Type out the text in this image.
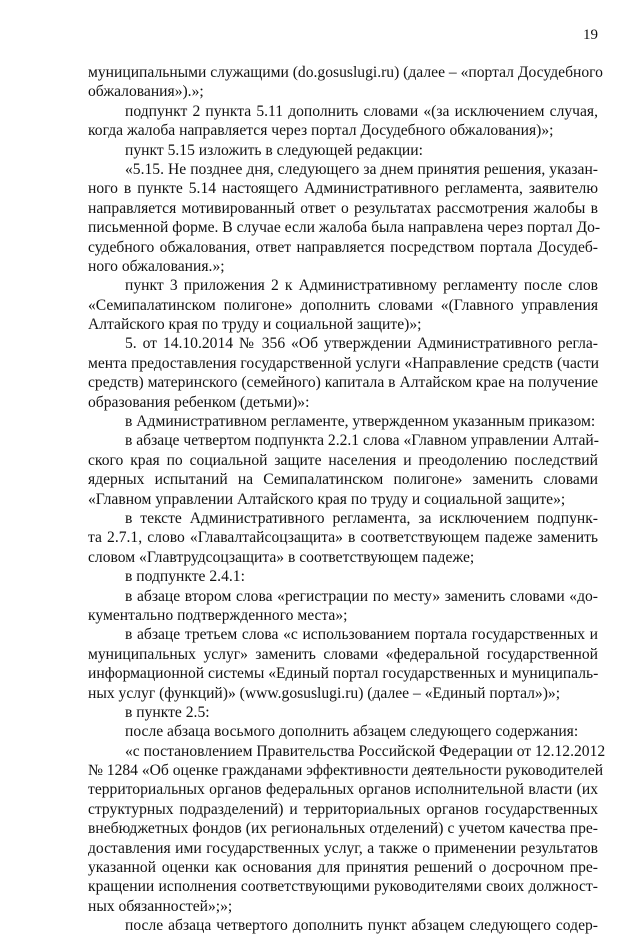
19
муниципальными служащими (do.gosuslugi.ru) (далее – «портал Досудебного
обжалования»).»;
подпункт 2 пункта 5.11 дополнить словами «(за исключением случая,
когда жалоба направляется через портал Досудебного обжалования)»;
пункт 5.15 изложить в следующей редакции:
«5.15. Не позднее дня, следующего за днем принятия решения, указан-
ного в пункте 5.14 настоящего Административного регламента, заявителю
направляется мотивированный ответ о результатах рассмотрения жалобы в
письменной форме. В случае если жалоба была направлена через портал До-
судебного обжалования, ответ направляется посредством портала Досудеб-
ного обжалования.»;
пункт 3 приложения 2 к Административному регламенту после слов
«Семипалатинском полигоне» дополнить словами «(Главного управления
Алтайского края по труду и социальной защите)»;
5. от 14.10.2014 № 356 «Об утверждении Административного регла-
мента предоставления государственной услуги «Направление средств (части
средств) материнского (семейного) капитала в Алтайском крае на получение
образования ребенком (детьми)»:
в Административном регламенте, утвержденном указанным приказом:
в абзаце четвертом подпункта 2.2.1 слова «Главном управлении Алтай-
ского края по социальной защите населения и преодолению последствий
ядерных испытаний на Семипалатинском полигоне» заменить словами
«Главном управлении Алтайского края по труду и социальной защите»;
в тексте Административного регламента, за исключением подпунк-
та 2.7.1, слово «Главалтайсоцзащита» в соответствующем падеже заменить
словом «Главтрудсоцзащита» в соответствующем падеже;
в подпункте 2.4.1:
в абзаце втором слова «регистрации по месту» заменить словами «до-
кументально подтвержденного места»;
в абзаце третьем слова «с использованием портала государственных и
муниципальных услуг» заменить словами «федеральной государственной
информационной системы «Единый портал государственных и муниципаль-
ных услуг (функций)» (www.gosuslugi.ru) (далее – «Единый портал»)»;
в пункте 2.5:
после абзаца восьмого дополнить абзацем следующего содержания:
«с постановлением Правительства Российской Федерации от 12.12.2012
№ 1284 «Об оценке гражданами эффективности деятельности руководителей
территориальных органов федеральных органов исполнительной власти (их
структурных подразделений) и территориальных органов государственных
внебюджетных фондов (их региональных отделений) с учетом качества пре-
доставления ими государственных услуг, а также о применении результатов
указанной оценки как основания для принятия решений о досрочном пре-
кращении исполнения соответствующими руководителями своих должност-
ных обязанностей»;»;
после абзаца четвертого дополнить пункт абзацем следующего содер-
